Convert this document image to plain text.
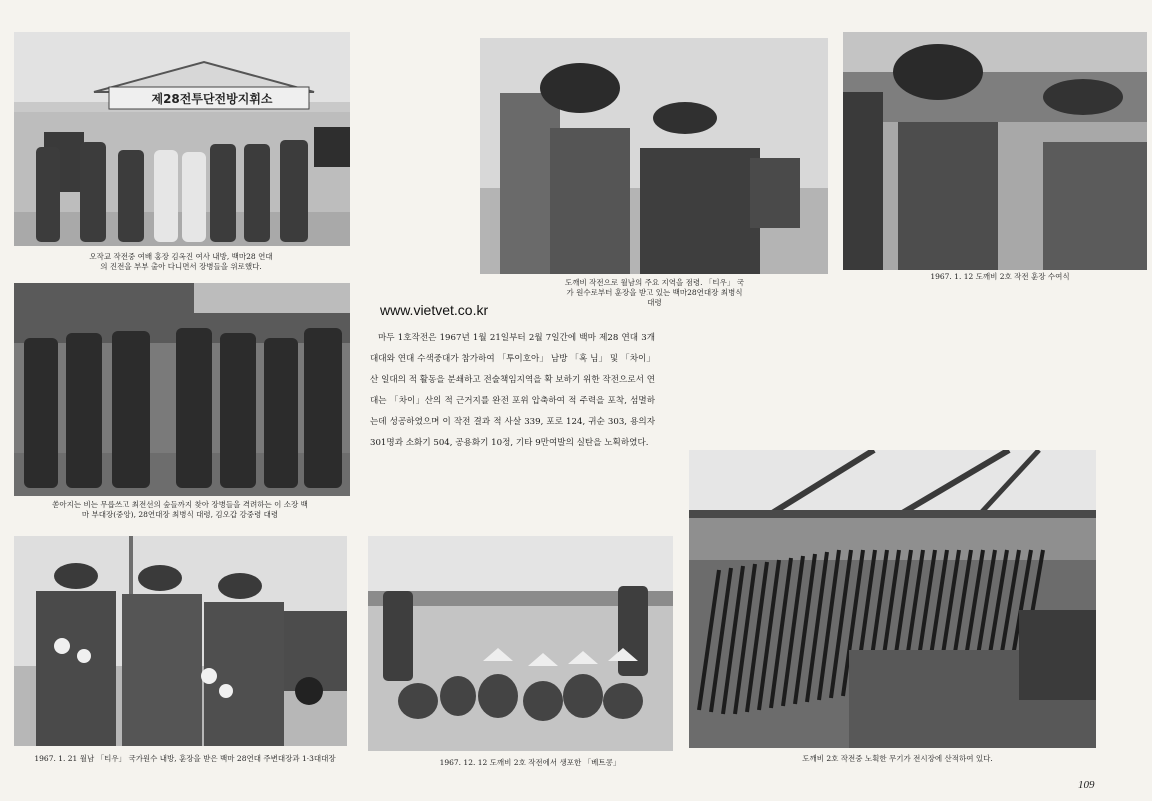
제28전투단전방지휘소
오작교 작전중 여배 홍장 김옥진 여사 내방, 백마28 연대의 진전을 부부 출아 다니면서 장병들을 위로했다.
도깨비 작전으로 월남의 주요 지역을 점령. 「티우」 국가 원수로부터 훈장을 받고 있는 백마28연대장 최병식 대령
1967. 1. 12 도깨비 2호 작전 훈장 수여식
쏟아지는 비는 무릅쓰고 최전선의 숲들까지 찾아 장병들을 격려하는 이 소장 백마 부대장(중앙), 28연대장 최병식 대령, 김오갑 강중령 대령
www.vietvet.co.kr

마두 1호작전은 1967년 1월 21일부터 2월 7일간에 백마 제28 연대 3개대대와 연대 수색중대가 참가하여 「투이호아」 남방 「혹 님」 및 「차이」산 일대의 적 활동을 분쇄하고 전술책임지역을 확 보하기 위한 작전으로서 연대는 「차이」산의 적 근거지를 완전 포위 압축하여 적 주력을 포착, 섬멸하는데 성공하였으며 이 작전 결과 적 사살 339, 포로 124, 귀순 303, 용의자 301명과 소화기 504, 공용화기 10정, 기타 9만여발의 실탄을 노획하였다.

1967. 1. 21 월남 「티우」 국가원수 내방, 훈장을 받은 백마 28연대 주변대장과 1·3대대장	1967. 12. 12 도깨비 2호 작전에서 생포한 「베트콩」	도깨비 2호 작전중 노획한 무기가 전시장에 산적하여 있다.
109
